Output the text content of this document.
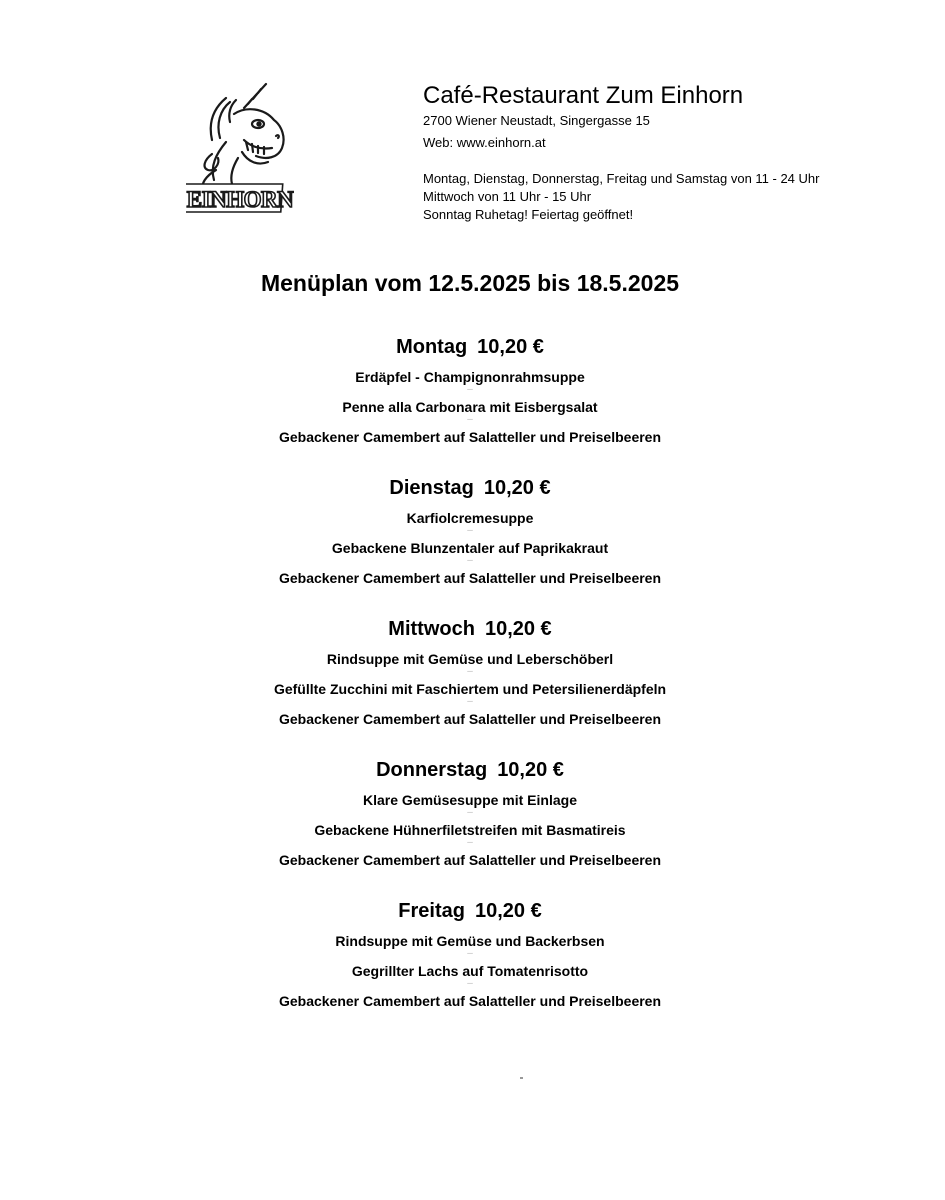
EINHORN
Café-Restaurant Zum Einhorn
2700 Wiener Neustadt, Singergasse 15
Web: www.einhorn.at
Montag, Dienstag, Donnerstag, Freitag und Samstag von 11 - 24 Uhr
Mittwoch von 11 Uhr - 15 Uhr
Sonntag Ruhetag! Feiertag geöffnet!
Menüplan vom 12.5.2025 bis 18.5.2025
Montag 10,20 €
Erdäpfel - Champignonrahmsuppe
–
Penne alla Carbonara mit Eisbergsalat
–
Gebackener Camembert auf Salatteller und Preiselbeeren
Dienstag 10,20 €
Karfiolcremesuppe
–
Gebackene Blunzentaler auf Paprikakraut
–
Gebackener Camembert auf Salatteller und Preiselbeeren
Mittwoch 10,20 €
Rindsuppe mit Gemüse und Leberschöberl
–
Gefüllte Zucchini mit Faschiertem und Petersilienerdäpfeln
–
Gebackener Camembert auf Salatteller und Preiselbeeren
Donnerstag 10,20 €
Klare Gemüsesuppe mit Einlage
–
Gebackene Hühnerfiletstreifen mit Basmatireis
–
Gebackener Camembert auf Salatteller und Preiselbeeren
Freitag 10,20 €
Rindsuppe mit Gemüse und Backerbsen
–
Gegrillter Lachs auf Tomatenrisotto
–
Gebackener Camembert auf Salatteller und Preiselbeeren
